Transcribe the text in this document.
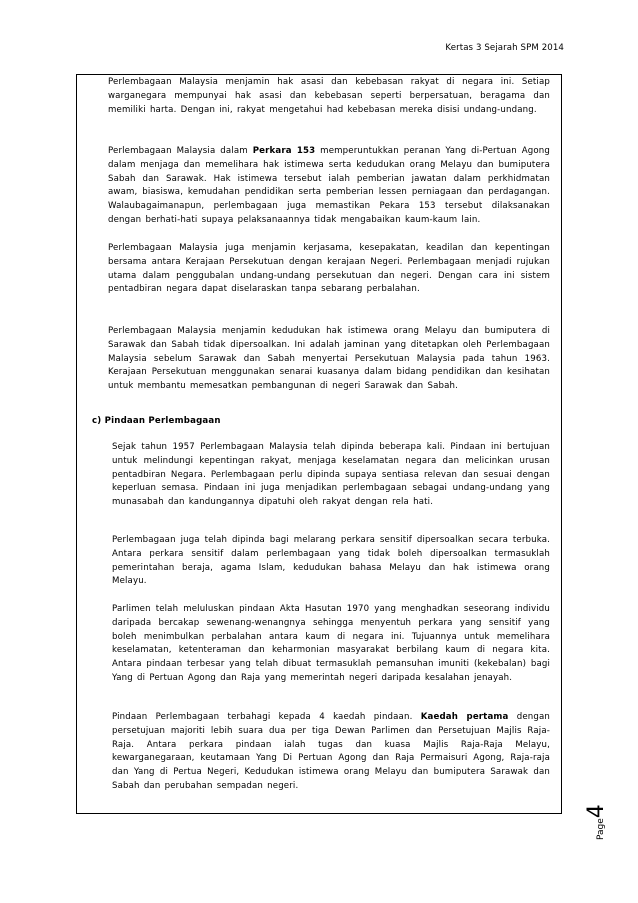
Kertas 3 Sejarah SPM 2014

Perlembagaan Malaysia menjamin hak asasi dan kebebasan rakyat di negara ini. Setiap warganegara mempunyai hak asasi dan kebebasan seperti berpersatuan, beragama dan memiliki harta. Dengan ini, rakyat mengetahui had kebebasan mereka disisi undang-undang.

Perlembagaan Malaysia dalam Perkara 153 memperuntukkan peranan Yang di-Pertuan Agong dalam menjaga dan memelihara hak istimewa serta kedudukan orang Melayu dan bumiputera Sabah dan Sarawak. Hak istimewa tersebut ialah pemberian jawatan dalam perkhidmatan awam, biasiswa, kemudahan pendidikan serta pemberian lessen perniagaan dan perdagangan. Walaubagaimanapun, perlembagaan juga memastikan Pekara 153 tersebut dilaksanakan dengan berhati-hati supaya pelaksanaannya tidak mengabaikan kaum-kaum lain.

Perlembagaan Malaysia juga menjamin kerjasama, kesepakatan, keadilan dan kepentingan bersama antara Kerajaan Persekutuan dengan kerajaan Negeri. Perlembagaan menjadi rujukan utama dalam penggubalan undang-undang persekutuan dan negeri. Dengan cara ini sistem pentadbiran negara dapat diselaraskan tanpa sebarang perbalahan.

Perlembagaan Malaysia menjamin kedudukan hak istimewa orang Melayu dan bumiputera di Sarawak dan Sabah tidak dipersoalkan. Ini adalah jaminan yang ditetapkan oleh Perlembagaan Malaysia sebelum Sarawak dan Sabah menyertai Persekutuan Malaysia pada tahun 1963. Kerajaan Persekutuan menggunakan senarai kuasanya dalam bidang pendidikan dan kesihatan untuk membantu memesatkan pembangunan di negeri Sarawak dan Sabah.

c) Pindaan Perlembagaan

Sejak tahun 1957 Perlembagaan Malaysia telah dipinda beberapa kali. Pindaan ini bertujuan untuk melindungi kepentingan rakyat, menjaga keselamatan negara dan melicinkan urusan pentadbiran Negara. Perlembagaan perlu dipinda supaya sentiasa relevan dan sesuai dengan keperluan semasa. Pindaan ini juga menjadikan perlembagaan sebagai undang-undang yang munasabah dan kandungannya dipatuhi oleh rakyat dengan rela hati.

Perlembagaan juga telah dipinda bagi melarang perkara sensitif dipersoalkan secara terbuka. Antara perkara sensitif dalam perlembagaan yang tidak boleh dipersoalkan termasuklah pemerintahan beraja, agama Islam, kedudukan bahasa Melayu dan hak istimewa orang Melayu.

Parlimen telah meluluskan pindaan Akta Hasutan 1970 yang menghadkan seseorang individu daripada bercakap sewenang-wenangnya sehingga menyentuh perkara yang sensitif yang boleh menimbulkan perbalahan antara kaum di negara ini. Tujuannya untuk memelihara keselamatan, ketenteraman dan keharmonian masyarakat berbilang kaum di negara kita. Antara pindaan terbesar yang telah dibuat termasuklah pemansuhan imuniti (kekebalan) bagi Yang di Pertuan Agong dan Raja yang memerintah negeri daripada kesalahan jenayah.

Pindaan Perlembagaan terbahagi kepada 4 kaedah pindaan. Kaedah pertama dengan persetujuan majoriti lebih suara dua per tiga Dewan Parlimen dan Persetujuan Majlis Raja-Raja. Antara perkara pindaan ialah tugas dan kuasa Majlis Raja-Raja Melayu, kewarganegaraan, keutamaan Yang Di Pertuan Agong dan Raja Permaisuri Agong, Raja-raja dan Yang di Pertua Negeri, Kedudukan istimewa orang Melayu dan bumiputera Sarawak dan Sabah dan perubahan sempadan negeri.

Page4
